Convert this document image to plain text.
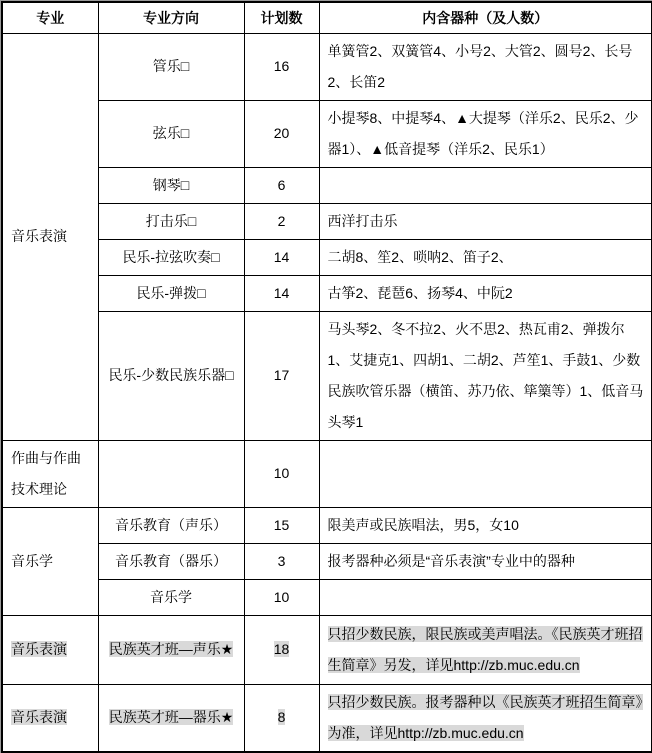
专业	专业方向	计划数	内含器种（及人数）
音乐表演	管乐□	16	单簧管2、双簧管4、小号2、大管2、圆号2、长号2、长笛2
	弦乐□	20	小提琴8、中提琴4、▲大提琴（洋乐2、民乐2、少器1）、▲低音提琴（洋乐2、民乐1）
	钢琴□	6	
	打击乐□	2	西洋打击乐
	民乐-拉弦吹奏□	14	二胡8、笙2、唢呐2、笛子2、
	民乐-弹拨□	14	古筝2、琵琶6、扬琴4、中阮2
	民乐-少数民族乐器□	17	马头琴2、冬不拉2、火不思2、热瓦甫2、弹拨尔1、艾捷克1、四胡1、二胡2、芦笙1、手鼓1、少数民族吹管乐器（横笛、苏乃依、筚篥等）1、低音马头琴1
作曲与作曲技术理论		10	
音乐学	音乐教育（声乐）	15	限美声或民族唱法，男5，女10
	音乐教育（器乐）	3	报考器种必须是“音乐表演”专业中的器种
	音乐学	10	
音乐表演	民族英才班—声乐★	18	只招少数民族，限民族或美声唱法。《民族英才班招生简章》另发，详见http://zb.muc.edu.cn
音乐表演	民族英才班—器乐★	8	只招少数民族。报考器种以《民族英才班招生简章》为准，详见http://zb.muc.edu.cn
